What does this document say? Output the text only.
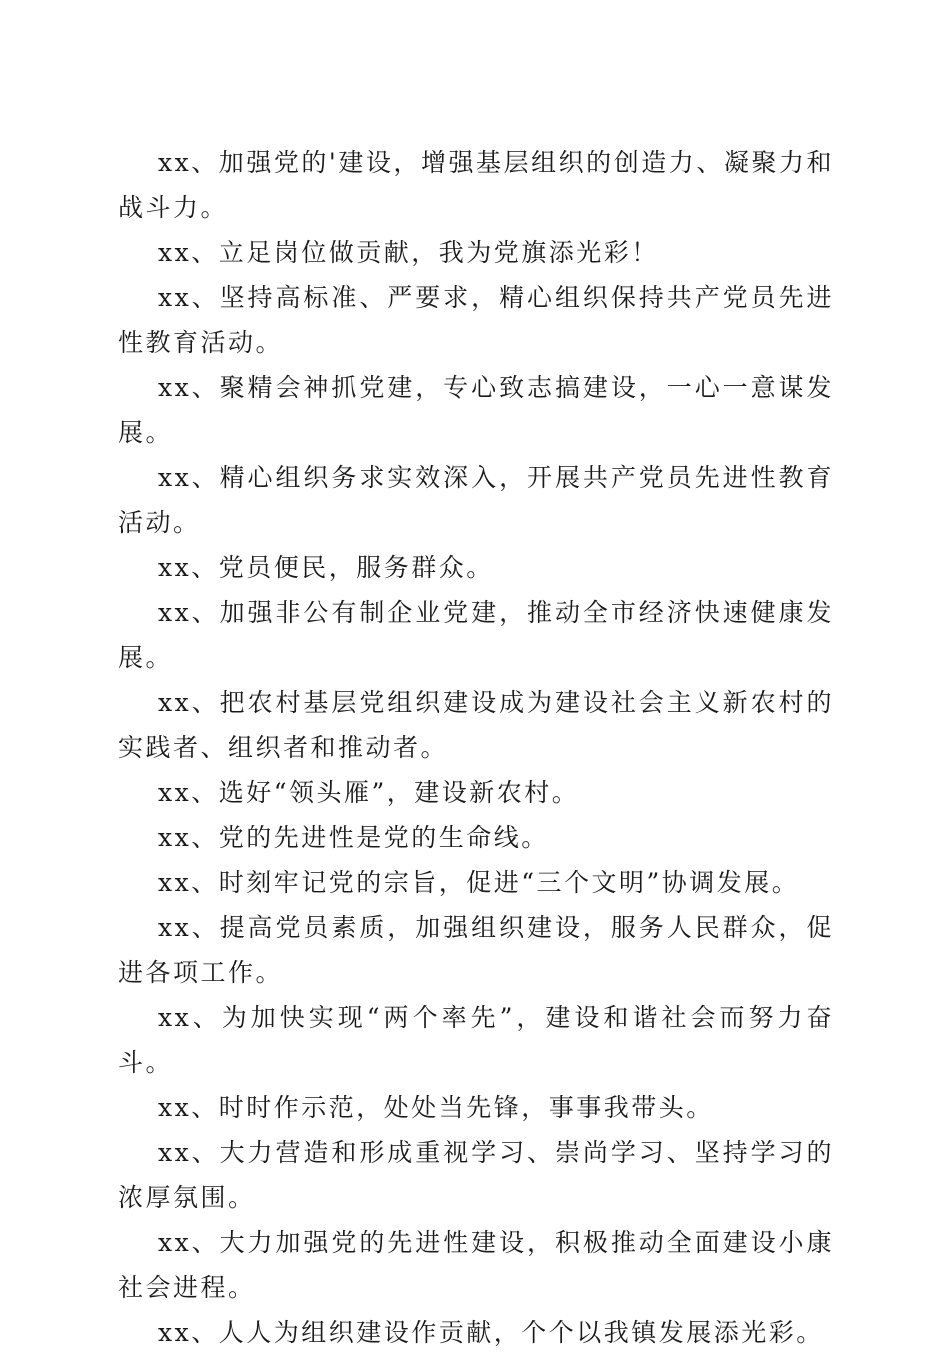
xx、加强党的'建设，增强基层组织的创造力、凝聚力和战斗力。

xx、立足岗位做贡献，我为党旗添光彩！

xx、坚持高标准、严要求，精心组织保持共产党员先进性教育活动。

xx、聚精会神抓党建，专心致志搞建设，一心一意谋发展。

xx、精心组织务求实效深入，开展共产党员先进性教育活动。

xx、党员便民，服务群众。

xx、加强非公有制企业党建，推动全市经济快速健康发展。

xx、把农村基层党组织建设成为建设社会主义新农村的实践者、组织者和推动者。

xx、选好“领头雁”，建设新农村。

xx、党的先进性是党的生命线。

xx、时刻牢记党的宗旨，促进“三个文明”协调发展。

xx、提高党员素质，加强组织建设，服务人民群众，促进各项工作。

xx、为加快实现“两个率先”，建设和谐社会而努力奋斗。

xx、时时作示范，处处当先锋，事事我带头。

xx、大力营造和形成重视学习、崇尚学习、坚持学习的浓厚氛围。

xx、大力加强党的先进性建设，积极推动全面建设小康社会进程。

xx、人人为组织建设作贡献，个个以我镇发展添光彩。
